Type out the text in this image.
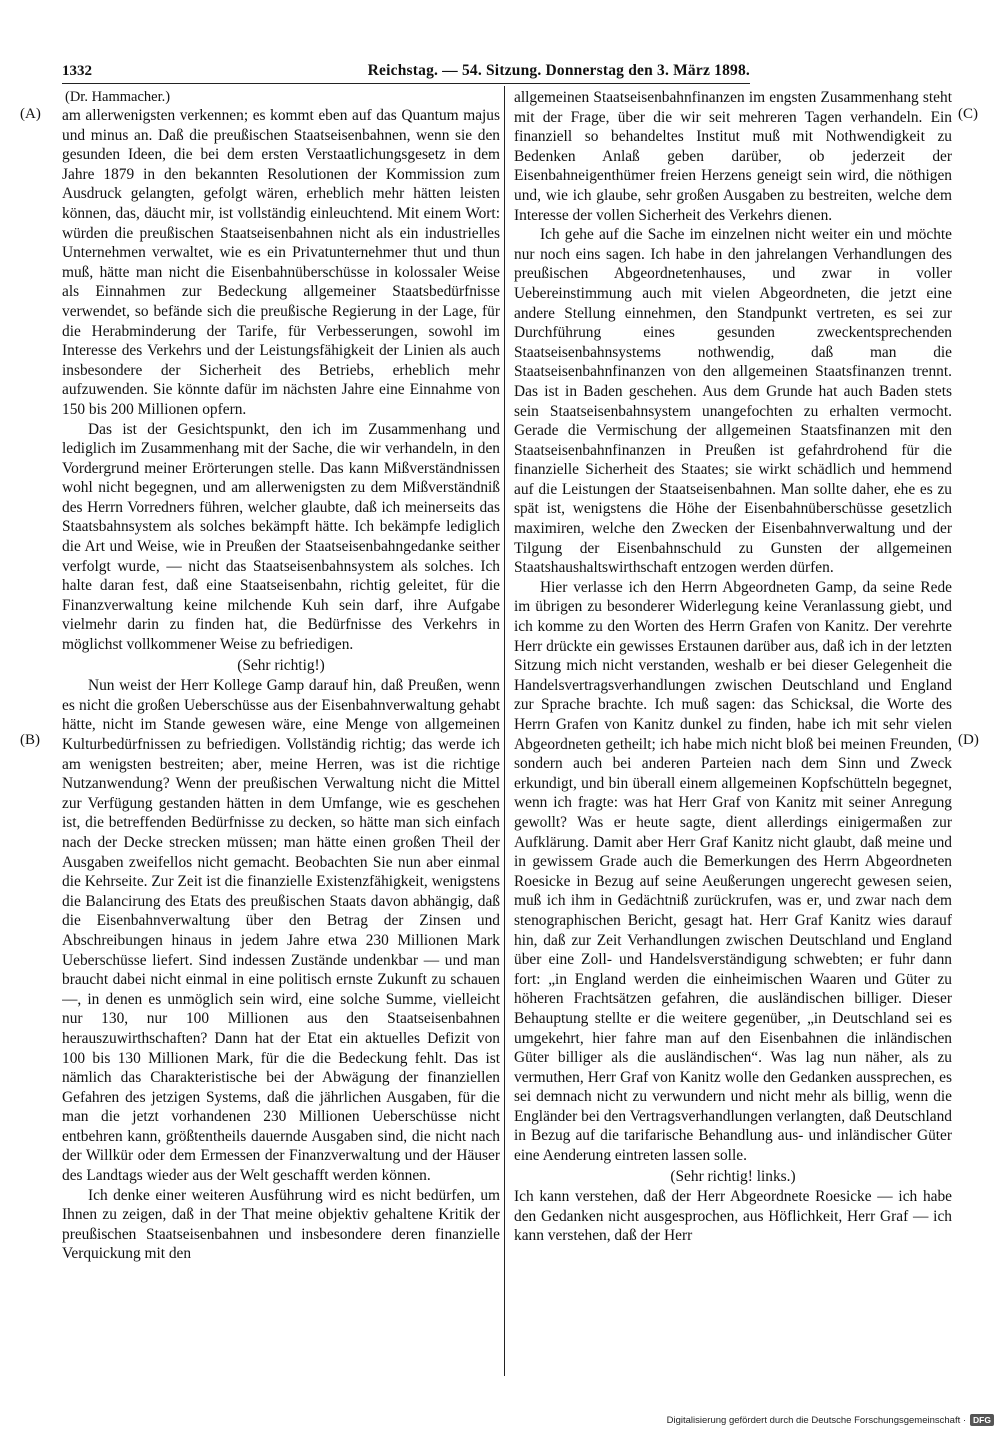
1332	Reichstag. — 54. Sitzung. Donnerstag den 3. März 1898.
(A)
(B)
(C)
(D)
(Dr. Hammacher.)

am allerwenigsten verkennen; es kommt eben auf das Quantum majus und minus an. Daß die preußischen Staatseisenbahnen, wenn sie den gesunden Ideen, die bei dem ersten Verstaatlichungsgesetz in dem Jahre 1879 in den bekannten Resolutionen der Kommission zum Ausdruck gelangten, gefolgt wären, erheblich mehr hätten leisten können, das, däucht mir, ist vollständig einleuchtend. Mit einem Wort: würden die preußischen Staatseisenbahnen nicht als ein industrielles Unternehmen verwaltet, wie es ein Privatunternehmer thut und thun muß, hätte man nicht die Eisenbahnüberschüsse in kolossaler Weise als Einnahmen zur Bedeckung allgemeiner Staatsbedürfnisse verwendet, so befände sich die preußische Regierung in der Lage, für die Herabminderung der Tarife, für Verbesserungen, sowohl im Interesse des Verkehrs und der Leistungsfähigkeit der Linien als auch insbesondere der Sicherheit des Betriebs, erheblich mehr aufzuwenden. Sie könnte dafür im nächsten Jahre eine Einnahme von 150 bis 200 Millionen opfern.

Das ist der Gesichtspunkt, den ich im Zusammenhang und lediglich im Zusammenhang mit der Sache, die wir verhandeln, in den Vordergrund meiner Erörterungen stelle. Das kann Mißverständnissen wohl nicht begegnen, und am allerwenigsten zu dem Mißverständniß des Herrn Vorredners führen, welcher glaubte, daß ich meinerseits das Staatsbahnsystem als solches bekämpft hätte. Ich bekämpfe lediglich die Art und Weise, wie in Preußen der Staatseisenbahngedanke seither verfolgt wurde, — nicht das Staatseisenbahnsystem als solches. Ich halte daran fest, daß eine Staatseisenbahn, richtig geleitet, für die Finanzverwaltung keine milchende Kuh sein darf, ihre Aufgabe vielmehr darin zu finden hat, die Bedürfnisse des Verkehrs in möglichst vollkommener Weise zu befriedigen.

(Sehr richtig!)

Nun weist der Herr Kollege Gamp darauf hin, daß Preußen, wenn es nicht die großen Ueberschüsse aus der Eisenbahnverwaltung gehabt hätte, nicht im Stande gewesen wäre, eine Menge von allgemeinen Kulturbedürfnissen zu befriedigen. Vollständig richtig; das werde ich am wenigsten bestreiten; aber, meine Herren, was ist die richtige Nutzanwendung? Wenn der preußischen Verwaltung nicht die Mittel zur Verfügung gestanden hätten in dem Umfange, wie es geschehen ist, die betreffenden Bedürfnisse zu decken, so hätte man sich einfach nach der Decke strecken müssen; man hätte einen großen Theil der Ausgaben zweifellos nicht gemacht. Beobachten Sie nun aber einmal die Kehrseite. Zur Zeit ist die finanzielle Existenzfähigkeit, wenigstens die Balancirung des Etats des preußischen Staats davon abhängig, daß die Eisenbahnverwaltung über den Betrag der Zinsen und Abschreibungen hinaus in jedem Jahre etwa 230 Millionen Mark Ueberschüsse liefert. Sind indessen Zustände undenkbar — und man braucht dabei nicht einmal in eine politisch ernste Zukunft zu schauen —, in denen es unmöglich sein wird, eine solche Summe, vielleicht nur 130, nur 100 Millionen aus den Staatseisenbahnen herauszuwirthschaften? Dann hat der Etat ein aktuelles Defizit von 100 bis 130 Millionen Mark, für die die Bedeckung fehlt. Das ist nämlich das Charakteristische bei der Abwägung der finanziellen Gefahren des jetzigen Systems, daß die jährlichen Ausgaben, für die man die jetzt vorhandenen 230 Millionen Ueberschüsse nicht entbehren kann, größtentheils dauernde Ausgaben sind, die nicht nach der Willkür oder dem Ermessen der Finanzverwaltung und der Häuser des Landtags wieder aus der Welt geschafft werden können.

Ich denke einer weiteren Ausführung wird es nicht bedürfen, um Ihnen zu zeigen, daß in der That meine objektiv gehaltene Kritik der preußischen Staatseisenbahnen und insbesondere deren finanzielle Verquickung mit den

allgemeinen Staatseisenbahnfinanzen im engsten Zusammenhang steht mit der Frage, über die wir seit mehreren Tagen verhandeln. Ein finanziell so behandeltes Institut muß mit Nothwendigkeit zu Bedenken Anlaß geben darüber, ob jederzeit der Eisenbahneigenthümer freien Herzens geneigt sein wird, die nöthigen und, wie ich glaube, sehr großen Ausgaben zu bestreiten, welche dem Interesse der vollen Sicherheit des Verkehrs dienen.

Ich gehe auf die Sache im einzelnen nicht weiter ein und möchte nur noch eins sagen. Ich habe in den jahrelangen Verhandlungen des preußischen Abgeordnetenhauses, und zwar in voller Uebereinstimmung auch mit vielen Abgeordneten, die jetzt eine andere Stellung einnehmen, den Standpunkt vertreten, es sei zur Durchführung eines gesunden zweckentsprechenden Staatseisenbahnsystems nothwendig, daß man die Staatseisenbahnfinanzen von den allgemeinen Staatsfinanzen trennt. Das ist in Baden geschehen. Aus dem Grunde hat auch Baden stets sein Staatseisenbahnsystem unangefochten zu erhalten vermocht. Gerade die Vermischung der allgemeinen Staatsfinanzen mit den Staatseisenbahnfinanzen in Preußen ist gefahrdrohend für die finanzielle Sicherheit des Staates; sie wirkt schädlich und hemmend auf die Leistungen der Staatseisenbahnen. Man sollte daher, ehe es zu spät ist, wenigstens die Höhe der Eisenbahnüberschüsse gesetzlich maximiren, welche den Zwecken der Eisenbahnverwaltung und der Tilgung der Eisenbahnschuld zu Gunsten der allgemeinen Staatshaushaltswirthschaft entzogen werden dürfen.

Hier verlasse ich den Herrn Abgeordneten Gamp, da seine Rede im übrigen zu besonderer Widerlegung keine Veranlassung giebt, und ich komme zu den Worten des Herrn Grafen von Kanitz. Der verehrte Herr drückte ein gewisses Erstaunen darüber aus, daß ich in der letzten Sitzung mich nicht verstanden, weshalb er bei dieser Gelegenheit die Handelsvertragsverhandlungen zwischen Deutschland und England zur Sprache brachte. Ich muß sagen: das Schicksal, die Worte des Herrn Grafen von Kanitz dunkel zu finden, habe ich mit sehr vielen Abgeordneten getheilt; ich habe mich nicht bloß bei meinen Freunden, sondern auch bei anderen Parteien nach dem Sinn und Zweck erkundigt, und bin überall einem allgemeinen Kopfschütteln begegnet, wenn ich fragte: was hat Herr Graf von Kanitz mit seiner Anregung gewollt? Was er heute sagte, dient allerdings einigermaßen zur Aufklärung. Damit aber Herr Graf Kanitz nicht glaubt, daß meine und in gewissem Grade auch die Bemerkungen des Herrn Abgeordneten Roesicke in Bezug auf seine Aeußerungen ungerecht gewesen seien, muß ich ihm in Gedächtniß zurückrufen, was er, und zwar nach dem stenographischen Bericht, gesagt hat. Herr Graf Kanitz wies darauf hin, daß zur Zeit Verhandlungen zwischen Deutschland und England über eine Zoll- und Handelsverständigung schwebten; er fuhr dann fort: „in England werden die einheimischen Waaren und Güter zu höheren Frachtsätzen gefahren, die ausländischen billiger. Dieser Behauptung stellte er die weitere gegenüber, „in Deutschland sei es umgekehrt, hier fahre man auf den Eisenbahnen die inländischen Güter billiger als die ausländischen“. Was lag nun näher, als zu vermuthen, Herr Graf von Kanitz wolle den Gedanken aussprechen, es sei demnach nicht zu verwundern und nicht mehr als billig, wenn die Engländer bei den Vertragsverhandlungen verlangten, daß Deutschland in Bezug auf die tarifarische Behandlung aus- und inländischer Güter eine Aenderung eintreten lassen solle.

(Sehr richtig! links.)

Ich kann verstehen, daß der Herr Abgeordnete Roesicke — ich habe den Gedanken nicht ausgesprochen, aus Höflichkeit, Herr Graf — ich kann verstehen, daß der Herr

Digitalisierung gefördert durch die Deutsche Forschungsgemeinschaft · DFG
